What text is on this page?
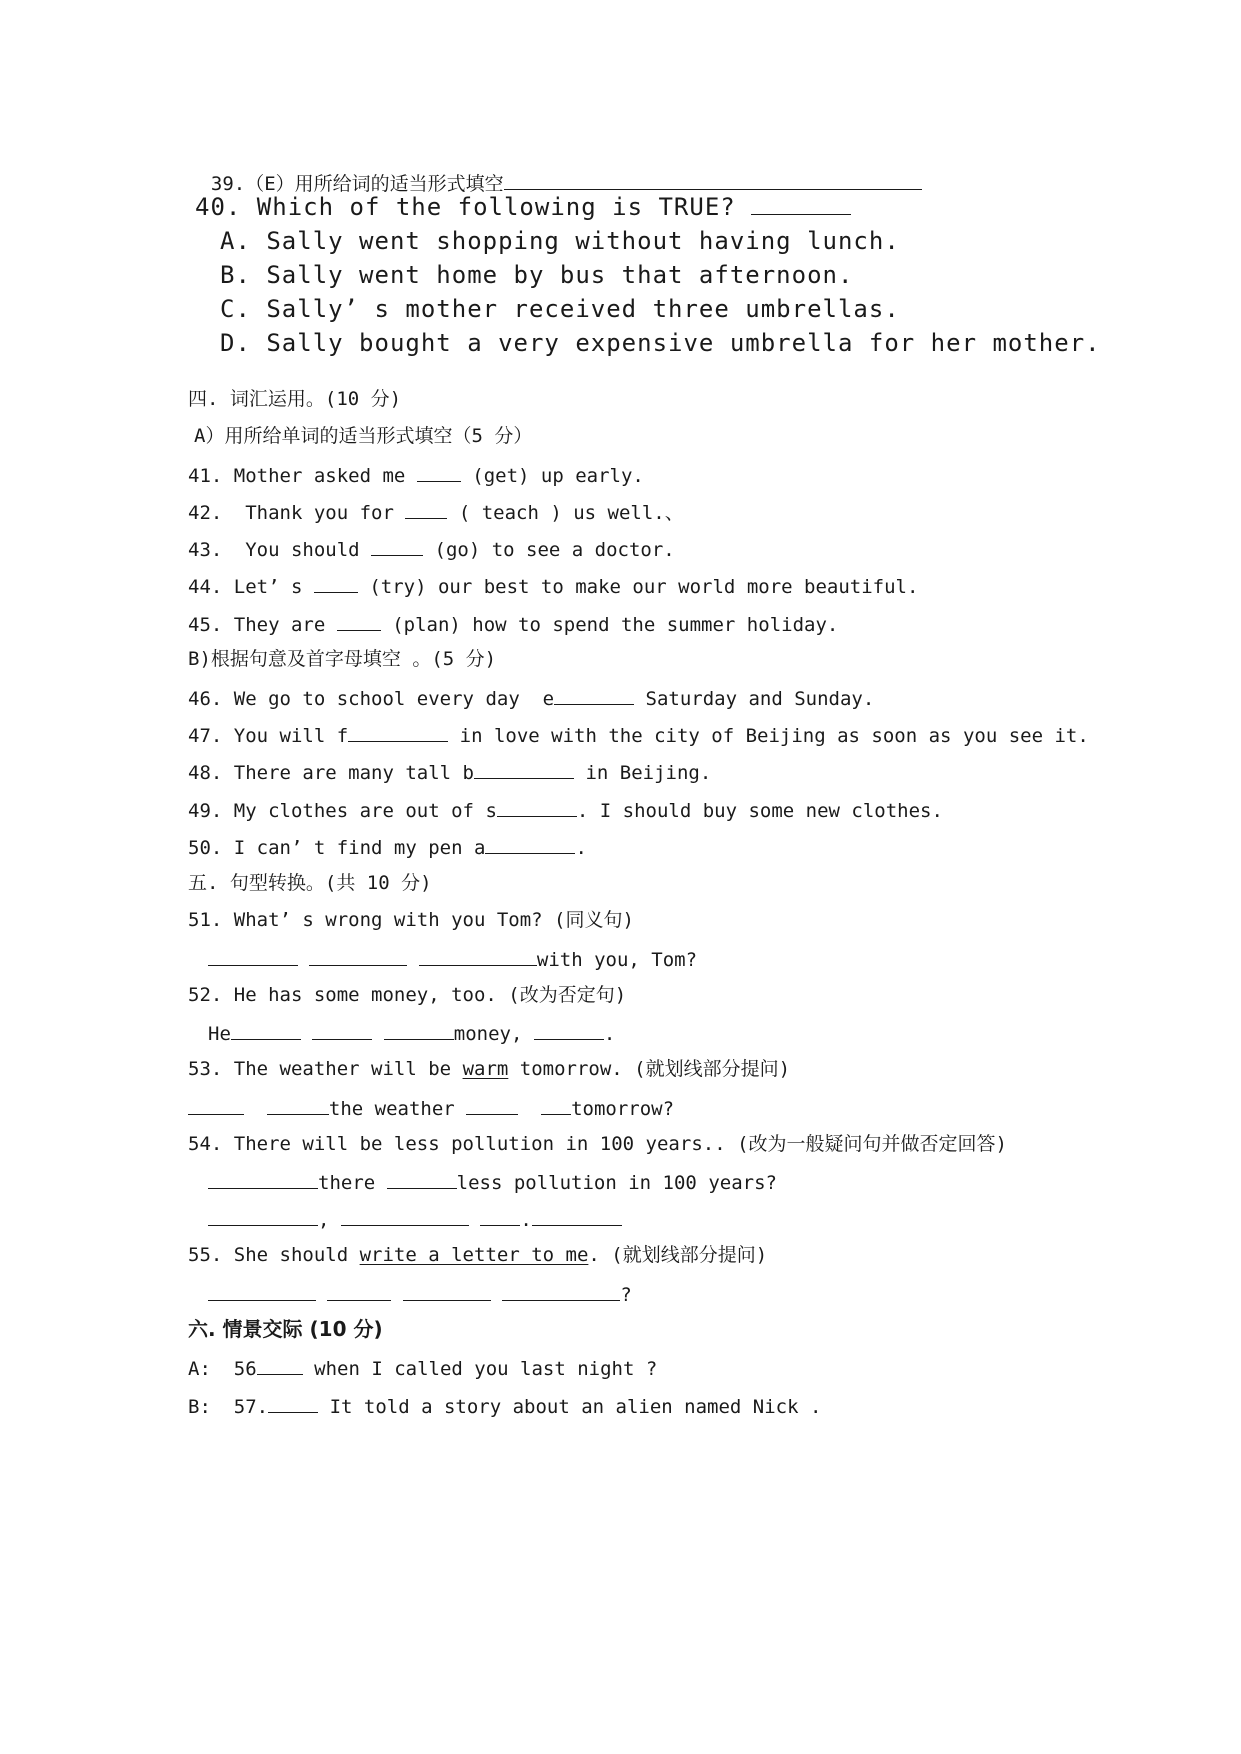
39.（E）用所给词的适当形式填空

40. Which of the following is TRUE?
A. Sally went shopping without having lunch.
B. Sally went home by bus that afternoon.
C. Sally’ s mother received three umbrellas.
D. Sally bought a very expensive umbrella for her mother.
四. 词汇运用。(10 分)
A）用所给单词的适当形式填空（5 分）
41. Mother asked me	(get) up early.
42. Thank you for	( teach ) us well.、
43. You should	(go) to see a doctor.
44. Let’ s	(try) our best to make our world more beautiful.
45. They are	(plan) how to spend the summer holiday.
B)根据句意及首字母填空 。(5 分)
46. We go to school every day  e	Saturday and Sunday.
47. You will f	in love with the city of Beijing as soon as you see it.
48. There are many tall b	in Beijing.
49. My clothes are out of s	. I should buy some new clothes.
50. I can’ t find my pen a	.
五. 句型转换。(共 10 分)
51. What’ s wrong with you Tom? (同义句)
with you, Tom?
52. He has some money, too. (改为否定句)
He	money,	.
53. The weather will be warm tomorrow. (就划线部分提问)
the weather	tomorrow?
54. There will be less pollution in 100 years.. (改为一般疑问句并做否定回答)
there	less pollution in 100 years?
,	.
55. She should write a letter to me. (就划线部分提问)
?
六. 情景交际 (10 分)
A: 56	when I called you last night ?
B: 57.	It told a story about an alien named Nick .
